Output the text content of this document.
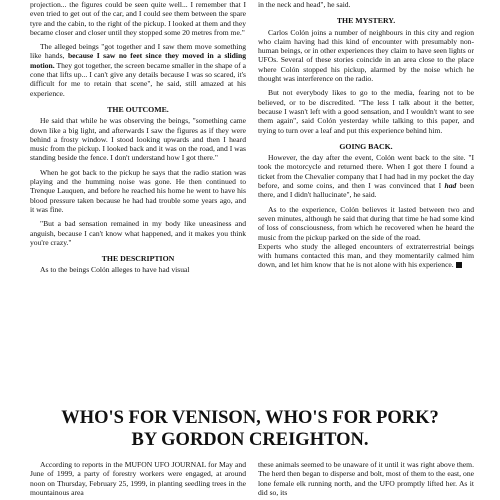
projection... the figures could be seen quite well... I remember that I even tried to get out of the car, and I could see them between the spare tyre and the cabin, to the right of the pickup. I looked at them and they became closer and closer until they stopped some 20 metres from me."

The alleged beings "got together and I saw them move something like hands, because I saw no feet since they moved in a sliding motion. They got together, the screen became smaller in the shape of a cone that lifts up... I can't give any details because I was so scared, it's difficult for me to retain that scene", he said, still amazed at his experience.

THE OUTCOME.

He said that while he was observing the beings, "something came down like a big light, and afterwards I saw the figures as if they were behind a frosty window. I stood looking upwards and then I heard music from the pickup. I looked back and it was on the road, and I was standing beside the fence. I don't understand how I got there."

When he got back to the pickup he says that the radio station was playing and the humming noise was gone. He then continued to Trenque Lauquen, and before he reached his home he went to have his blood pressure taken because he had had trouble some years ago, and it was fine.

"But a bad sensation remained in my body like uneasiness and anguish, because I can't know what happened, and it makes you think you're crazy."

THE DESCRIPTION

As to the beings Colón alleges to have had visual

in the neck and head", he said.

THE MYSTERY.

Carlos Colón joins a number of neighbours in this city and region who claim having had this kind of encounter with presumably non-human beings, or in other experiences they claim to have seen lights or UFOs. Several of these stories coincide in an area close to the place where Colón stopped his pickup, alarmed by the noise which he thought was interference on the radio.

But not everybody likes to go to the media, fearing not to be believed, or to be discredited. "The less I talk about it the better, because I wasn't left with a good sensation, and I wouldn't want to see them again", said Colón yesterday while talking to this paper, and trying to turn over a leaf and put this experience behind him.

GOING BACK.

However, the day after the event, Colón went back to the site. "I took the motorcycle and returned there. When I got there I found a ticket from the Chevalier company that I had had in my pocket the day before, and some coins, and then I was convinced that I had been there, and I didn't hallucinate", he said.

As to the experience, Colón believes it lasted between two and seven minutes, although he said that during that time he had some kind of loss of consciousness, from which he recovered when he heard the music from the pickup parked on the side of the road.

Experts who study the alleged encounters of extraterrestrial beings with humans contacted this man, and they momentarily calmed him down, and let him know that he is not alone with his experience.

WHO'S FOR VENISON, WHO'S FOR PORK?
BY GORDON CREIGHTON.

According to reports in the MUFON UFO JOURNAL for May and June of 1999, a party of forestry workers were engaged, at around noon on Thursday, February 25, 1999, in planting seedling trees in the mountainous area

these animals seemed to be unaware of it until it was right above them. The herd then began to disperse and bolt, most of them to the east, one lone female elk running north, and the UFO promptly lifted her. As it did so, its
